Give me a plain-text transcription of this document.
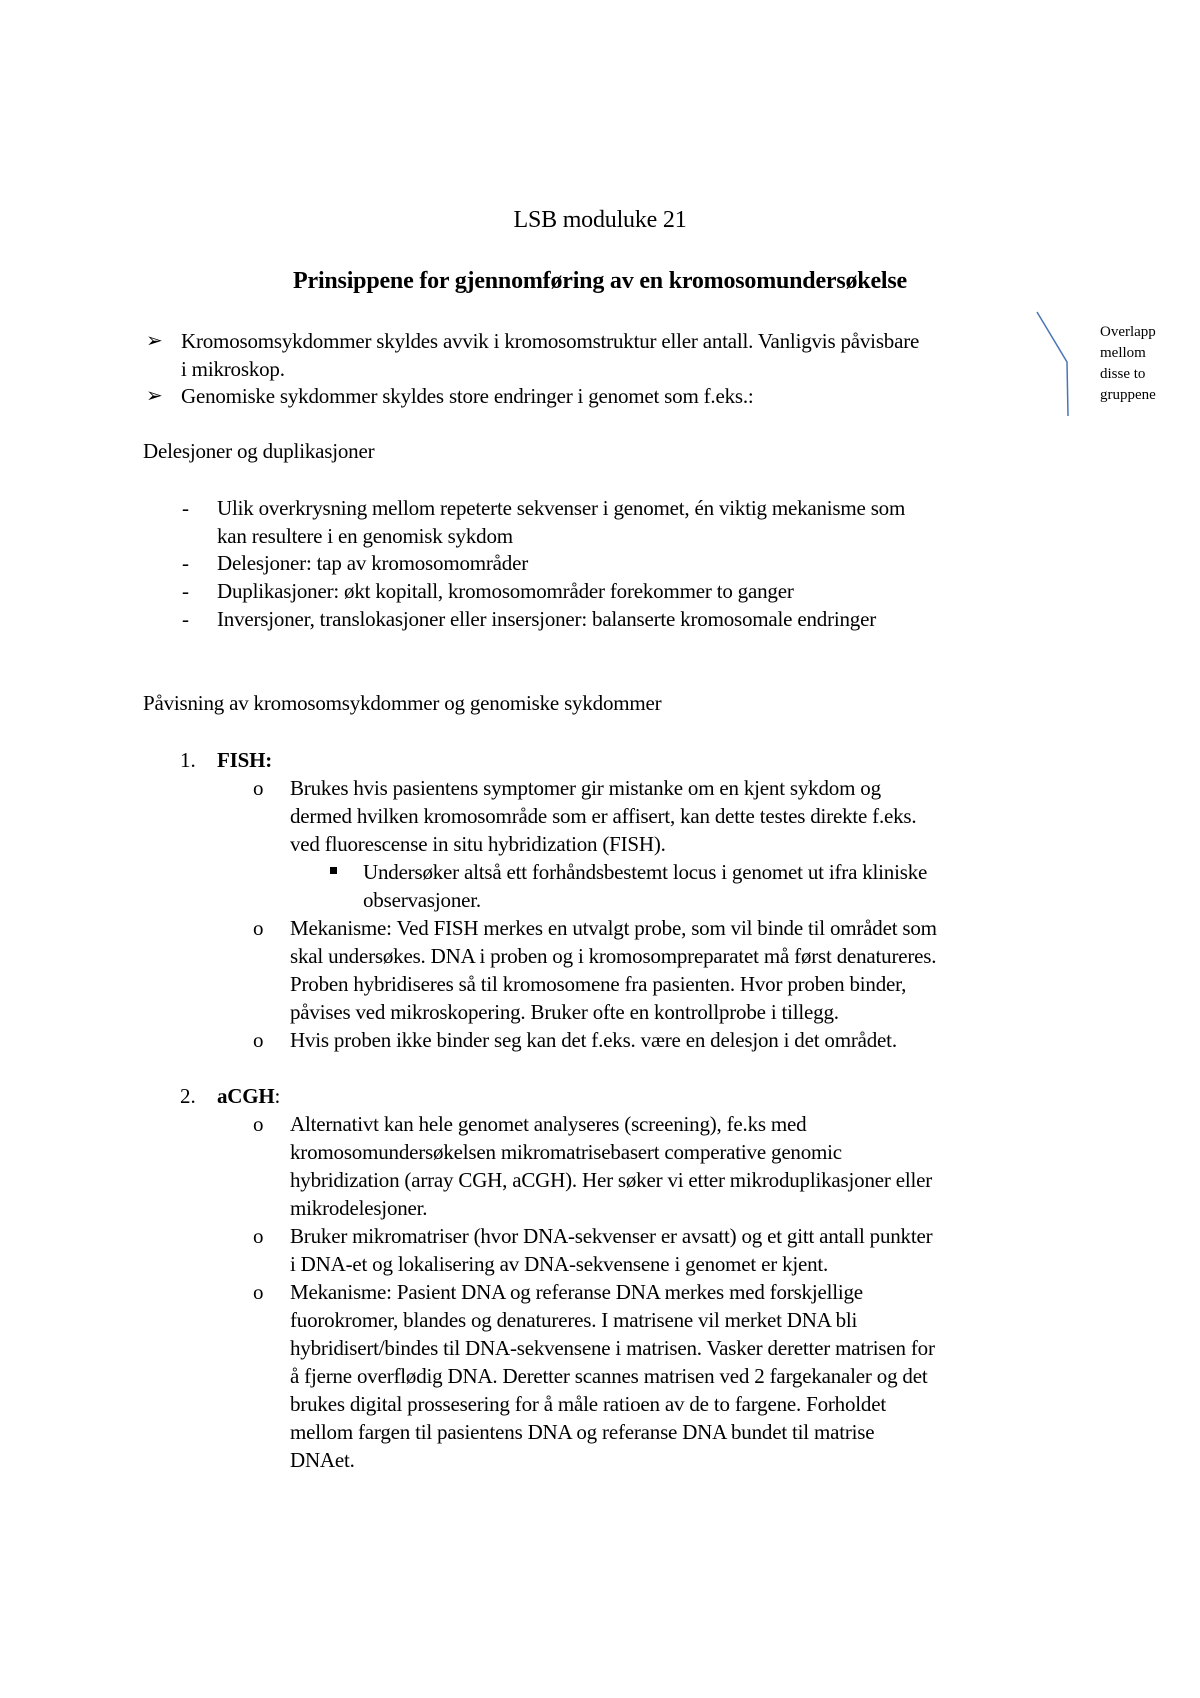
LSB moduluke 21
Prinsippene for gjennomføring av en kromosomundersøkelse
➢ Kromosomsykdommer skyldes avvik i kromosomstruktur eller antall. Vanligvis påvisbare
i mikroskop.
➢ Genomiske sykdommer skyldes store endringer i genomet som f.eks.:
Overlapp
mellom
disse to
gruppene
Delesjoner og duplikasjoner
- Ulik overkrysning mellom repeterte sekvenser i genomet, én viktig mekanisme som
kan resultere i en genomisk sykdom
- Delesjoner: tap av kromosomområder
- Duplikasjoner: økt kopitall, kromosomområder forekommer to ganger
- Inversjoner, translokasjoner eller insersjoner: balanserte kromosomale endringer
Påvisning av kromosomsykdommer og genomiske sykdommer
1. FISH:
o Brukes hvis pasientens symptomer gir mistanke om en kjent sykdom og
dermed hvilken kromosområde som er affisert, kan dette testes direkte f.eks.
ved fluorescense in situ hybridization (FISH).
Undersøker altså ett forhåndsbestemt locus i genomet ut ifra kliniske
observasjoner.
o Mekanisme: Ved FISH merkes en utvalgt probe, som vil binde til området som
skal undersøkes. DNA i proben og i kromosompreparatet må først denatureres.
Proben hybridiseres så til kromosomene fra pasienten. Hvor proben binder,
påvises ved mikroskopering. Bruker ofte en kontrollprobe i tillegg.
o Hvis proben ikke binder seg kan det f.eks. være en delesjon i det området.
2. aCGH:
o Alternativt kan hele genomet analyseres (screening), fe.ks med
kromosomundersøkelsen mikromatrisebasert comperative genomic
hybridization (array CGH, aCGH). Her søker vi etter mikroduplikasjoner eller
mikrodelesjoner.
o Bruker mikromatriser (hvor DNA-sekvenser er avsatt) og et gitt antall punkter
i DNA-et og lokalisering av DNA-sekvensene i genomet er kjent.
o Mekanisme: Pasient DNA og referanse DNA merkes med forskjellige
fuorokromer, blandes og denatureres. I matrisene vil merket DNA bli
hybridisert/bindes til DNA-sekvensene i matrisen. Vasker deretter matrisen for
å fjerne overflødig DNA. Deretter scannes matrisen ved 2 fargekanaler og det
brukes digital prossesering for å måle ratioen av de to fargene. Forholdet
mellom fargen til pasientens DNA og referanse DNA bundet til matrise
DNAet.
